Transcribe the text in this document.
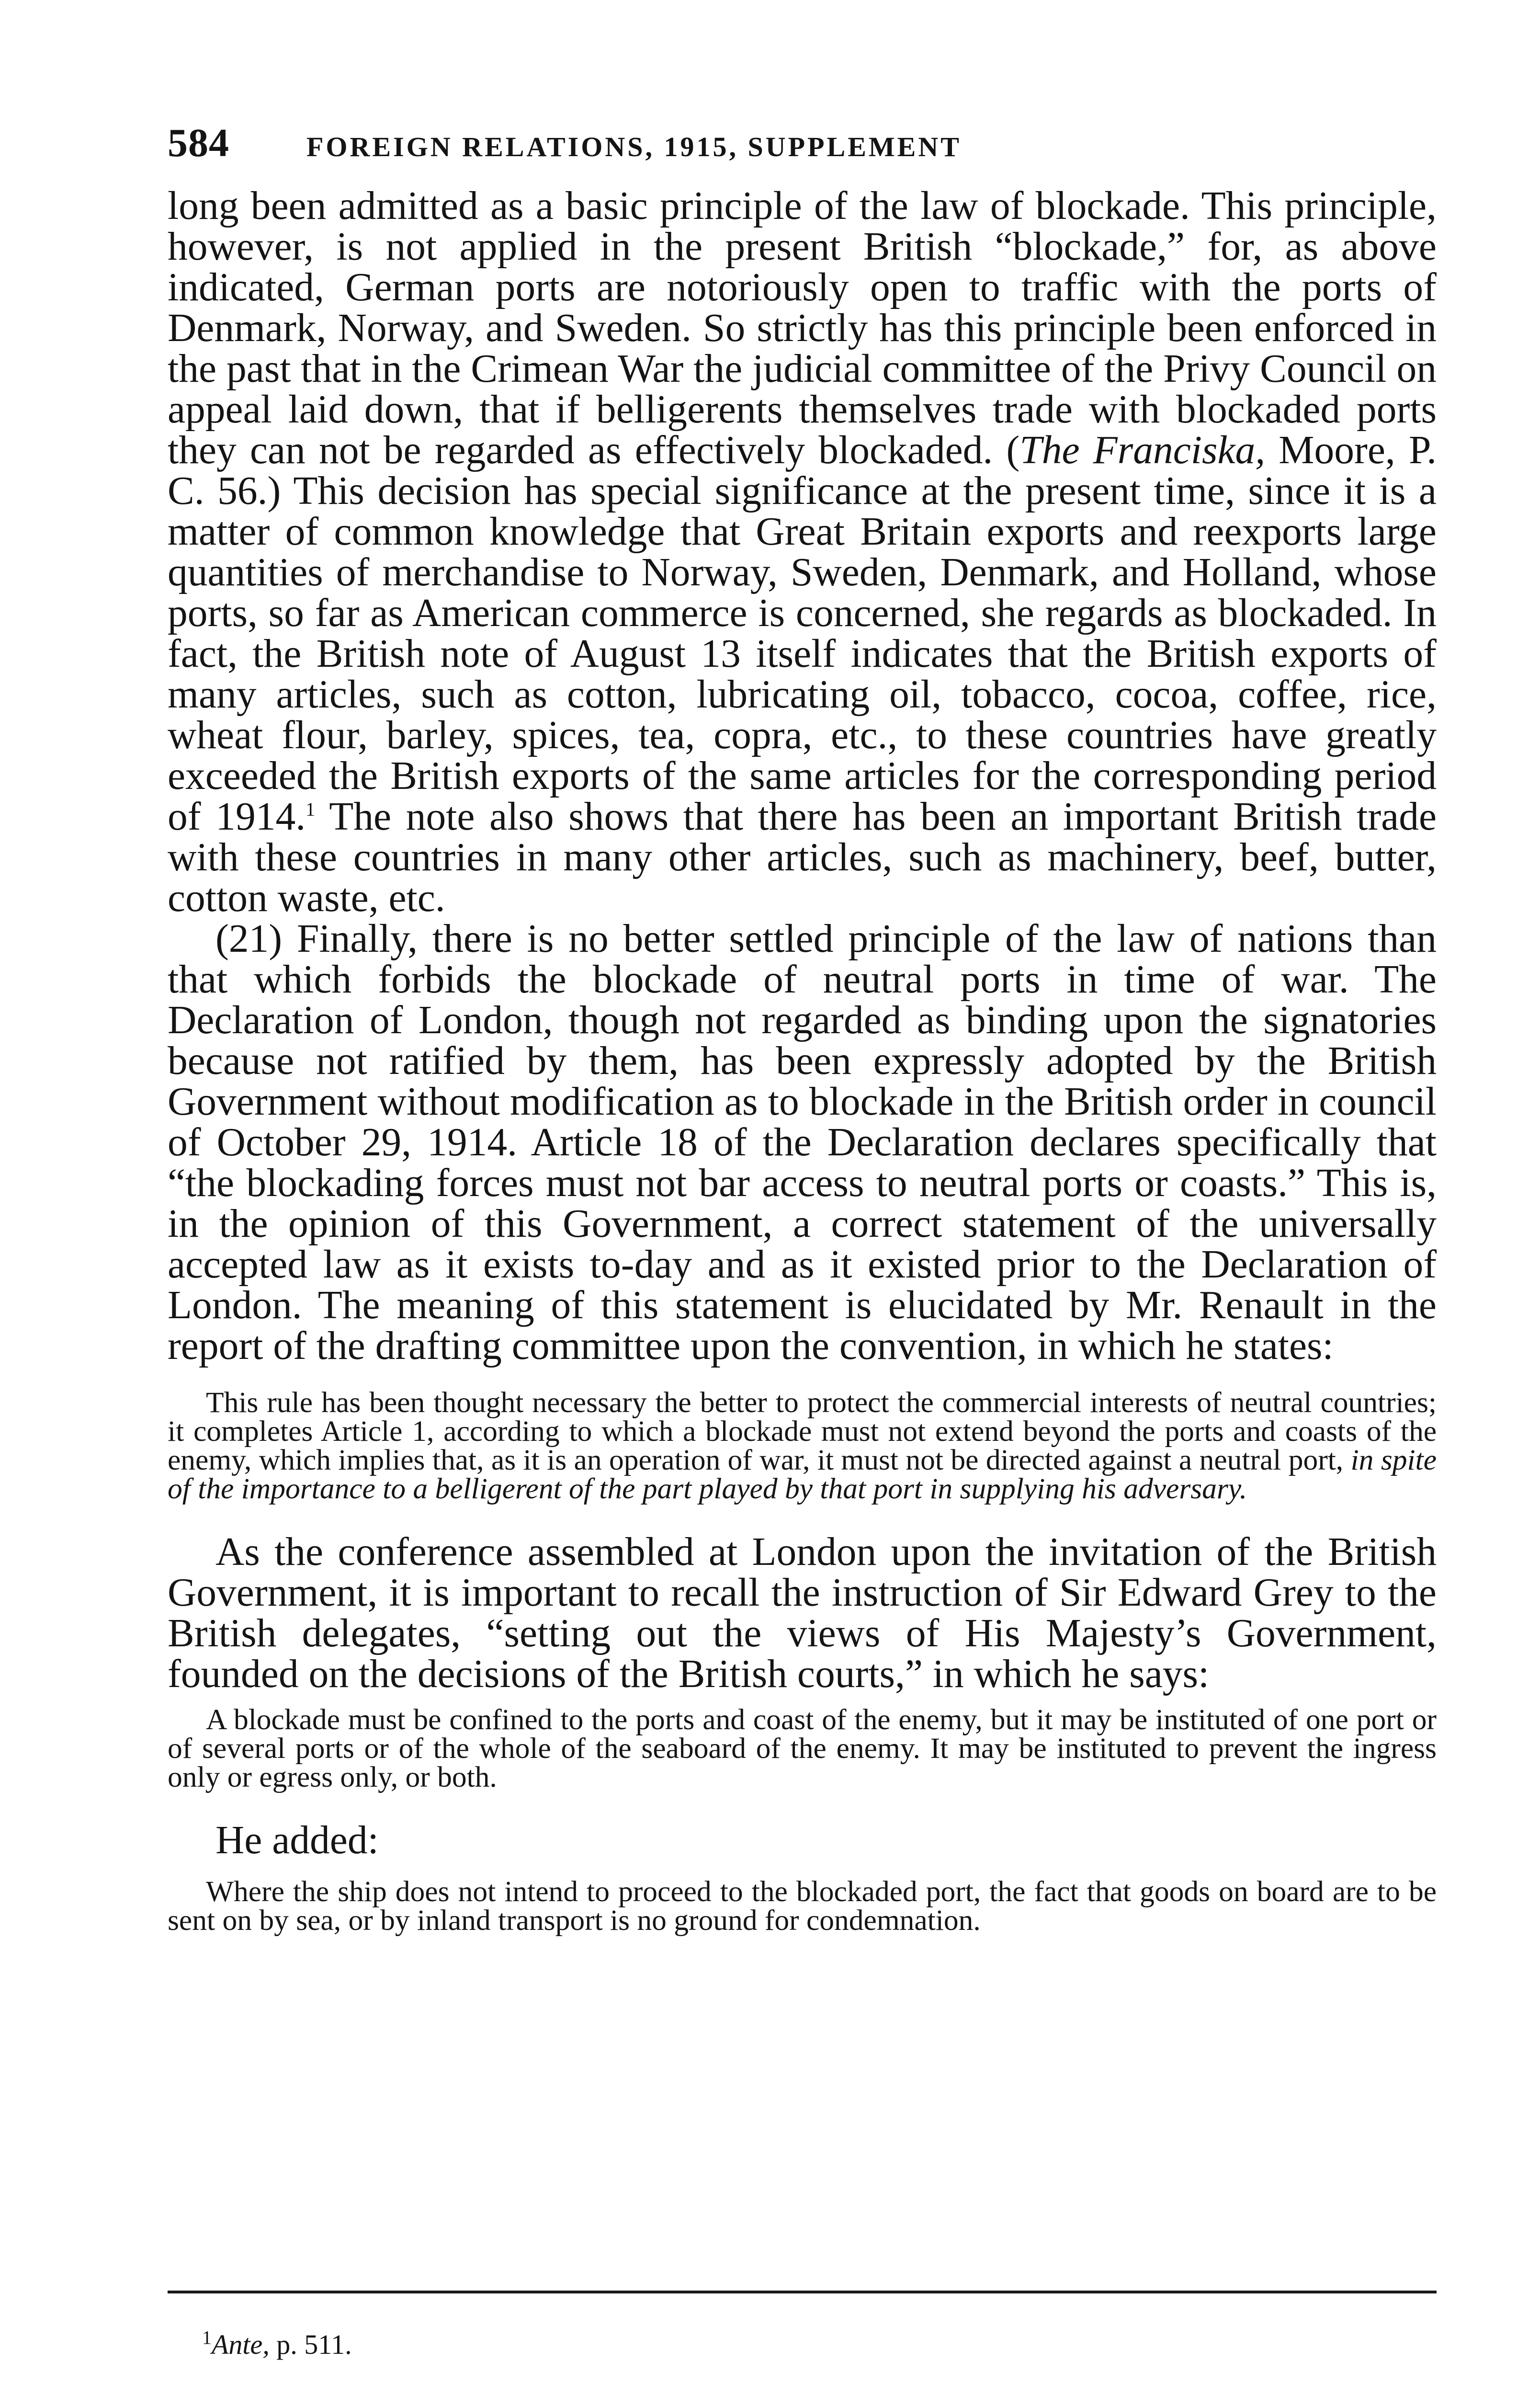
584	FOREIGN RELATIONS, 1915, SUPPLEMENT

long been admitted as a basic principle of the law of blockade. This principle, however, is not applied in the present British “blockade,” for, as above indicated, German ports are notoriously open to traffic with the ports of Denmark, Norway, and Sweden. So strictly has this principle been enforced in the past that in the Crimean War the judicial committee of the Privy Council on appeal laid down, that if belligerents themselves trade with blockaded ports they can not be regarded as effectively blockaded. (The Franciska, Moore, P. C. 56.) This decision has special significance at the present time, since it is a matter of common knowledge that Great Britain exports and reexports large quantities of merchandise to Norway, Sweden, Denmark, and Holland, whose ports, so far as American commerce is concerned, she regards as blockaded. In fact, the British note of August 13 itself indicates that the British exports of many articles, such as cotton, lubricating oil, tobacco, cocoa, coffee, rice, wheat flour, barley, spices, tea, copra, etc., to these countries have greatly exceeded the British exports of the same articles for the corresponding period of 1914.$^1$ The note also shows that there has been an important British trade with these countries in many other articles, such as machinery, beef, butter, cotton waste, etc.

(21) Finally, there is no better settled principle of the law of nations than that which forbids the blockade of neutral ports in time of war. The Declaration of London, though not regarded as binding upon the signatories because not ratified by them, has been expressly adopted by the British Government without modification as to blockade in the British order in council of October 29, 1914. Article 18 of the Declaration declares specifically that “the blockading forces must not bar access to neutral ports or coasts.” This is, in the opinion of this Government, a correct statement of the universally accepted law as it exists to-day and as it existed prior to the Declaration of London. The meaning of this statement is elucidated by Mr. Renault in the report of the drafting committee upon the convention, in which he states:

This rule has been thought necessary the better to protect the commercial interests of neutral countries; it completes Article 1, according to which a blockade must not extend beyond the ports and coasts of the enemy, which implies that, as it is an operation of war, it must not be directed against a neutral port, in spite of the importance to a belligerent of the part played by that port in supplying his adversary.

As the conference assembled at London upon the invitation of the British Government, it is important to recall the instruction of Sir Edward Grey to the British delegates, “setting out the views of His Majesty’s Government, founded on the decisions of the British courts,” in which he says:

A blockade must be confined to the ports and coast of the enemy, but it may be instituted of one port or of several ports or of the whole of the seaboard of the enemy. It may be instituted to prevent the ingress only or egress only, or both.

He added:

Where the ship does not intend to proceed to the blockaded port, the fact that goods on board are to be sent on by sea, or by inland transport is no ground for condemnation.

$^1$Ante, p. 511.
